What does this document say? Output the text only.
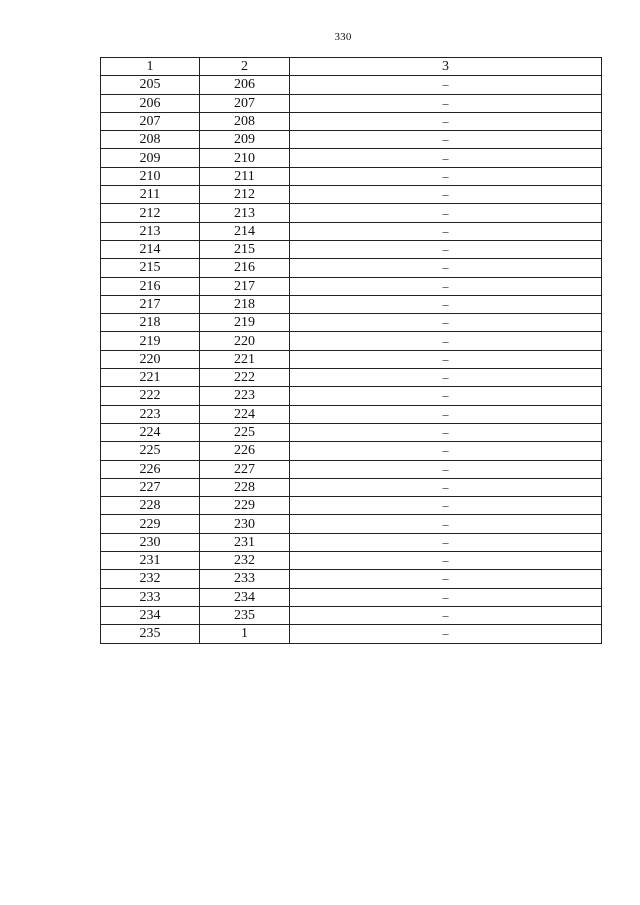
330
1	2	3
205	206	–
206	207	–
207	208	–
208	209	–
209	210	–
210	211	–
211	212	–
212	213	–
213	214	–
214	215	–
215	216	–
216	217	–
217	218	–
218	219	–
219	220	–
220	221	–
221	222	–
222	223	–
223	224	–
224	225	–
225	226	–
226	227	–
227	228	–
228	229	–
229	230	–
230	231	–
231	232	–
232	233	–
233	234	–
234	235	–
235	1	–
